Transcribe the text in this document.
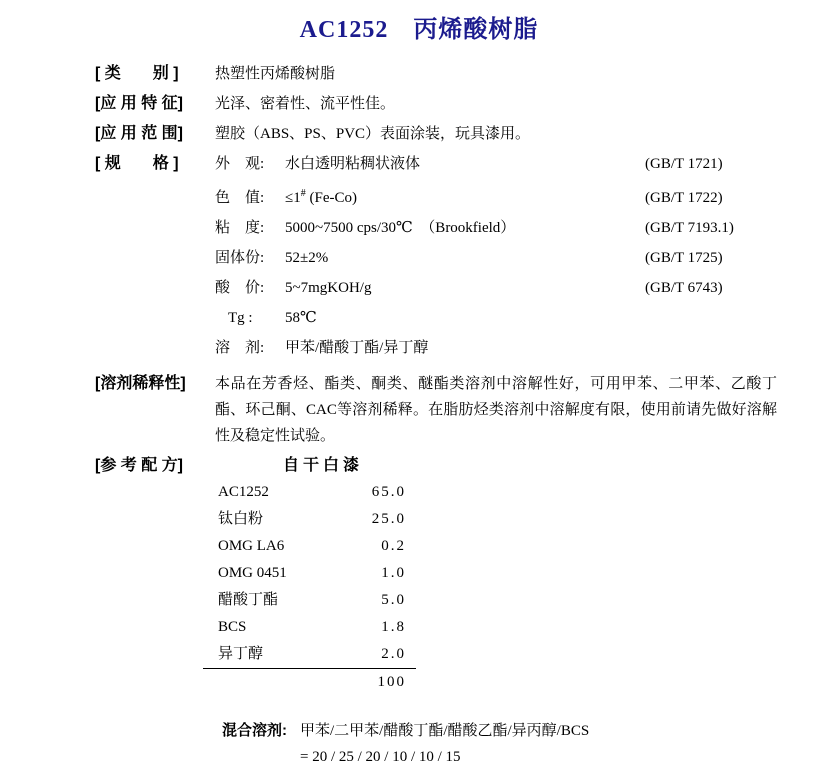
AC1252　丙烯酸树脂
[ 类　　别 ]	热塑性丙烯酸树脂
[应 用 特 征]	光泽、密着性、流平性佳。
[应 用 范 围]	塑胶（ABS、PS、PVC）表面涂装，玩具漆用。
[ 规　　格 ]	外　观:	水白透明粘稠状液体	(GB/T 1721)
色　值:	≤1# (Fe-Co)	(GB/T 1722)
粘　度:	5000~7500 cps/30℃　（Brookfield）	(GB/T 7193.1)
固体份:	52±2%	(GB/T 1725)
酸　价:	5~7mgKOH/g	(GB/T 6743)
Tg :	58℃
溶　剂:	甲苯/醋酸丁酯/异丁醇
[溶剂稀释性]	本品在芳香烃、酯类、酮类、醚酯类溶剂中溶解性好，可用甲苯、二甲苯、乙酸丁酯、环己酮、CAC等溶剂稀释。在脂肪烃类溶剂中溶解度有限，使用前请先做好溶解性及稳定性试验。
[参 考 配 方]	自干白漆
AC1252	65.0
钛白粉	25.0
OMG LA6	0.2
OMG 0451	1.0
醋酸丁酯	5.0
BCS	1.8
异丁醇	2.0
100
混合溶剂: 甲苯/二甲苯/醋酸丁酯/醋酸乙酯/异丙醇/BCS
= 20 / 25 / 20 / 10 / 10 / 15
